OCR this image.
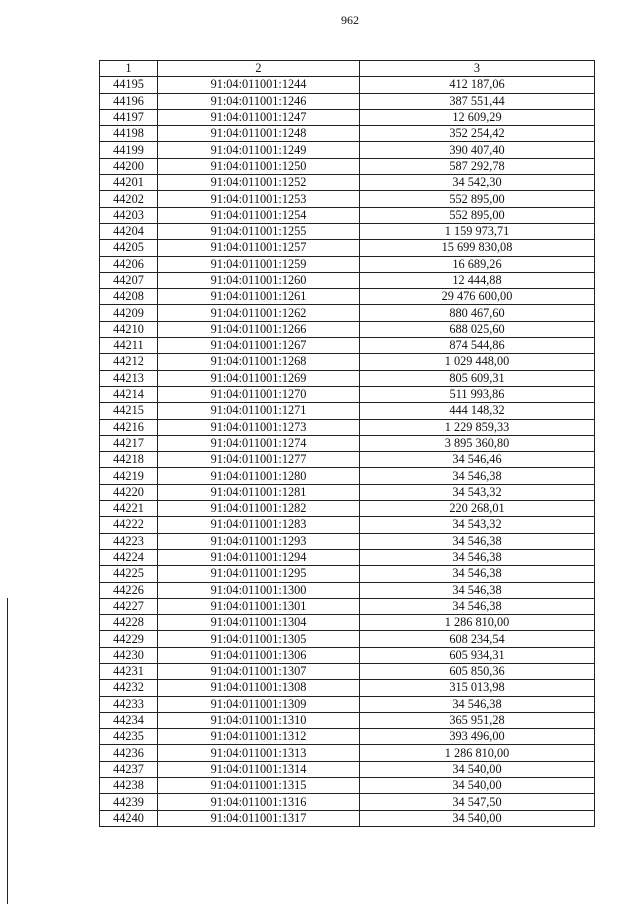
962
1	2	3
44195	91:04:011001:1244	412 187,06
44196	91:04:011001:1246	387 551,44
44197	91:04:011001:1247	12 609,29
44198	91:04:011001:1248	352 254,42
44199	91:04:011001:1249	390 407,40
44200	91:04:011001:1250	587 292,78
44201	91:04:011001:1252	34 542,30
44202	91:04:011001:1253	552 895,00
44203	91:04:011001:1254	552 895,00
44204	91:04:011001:1255	1 159 973,71
44205	91:04:011001:1257	15 699 830,08
44206	91:04:011001:1259	16 689,26
44207	91:04:011001:1260	12 444,88
44208	91:04:011001:1261	29 476 600,00
44209	91:04:011001:1262	880 467,60
44210	91:04:011001:1266	688 025,60
44211	91:04:011001:1267	874 544,86
44212	91:04:011001:1268	1 029 448,00
44213	91:04:011001:1269	805 609,31
44214	91:04:011001:1270	511 993,86
44215	91:04:011001:1271	444 148,32
44216	91:04:011001:1273	1 229 859,33
44217	91:04:011001:1274	3 895 360,80
44218	91:04:011001:1277	34 546,46
44219	91:04:011001:1280	34 546,38
44220	91:04:011001:1281	34 543,32
44221	91:04:011001:1282	220 268,01
44222	91:04:011001:1283	34 543,32
44223	91:04:011001:1293	34 546,38
44224	91:04:011001:1294	34 546,38
44225	91:04:011001:1295	34 546,38
44226	91:04:011001:1300	34 546,38
44227	91:04:011001:1301	34 546,38
44228	91:04:011001:1304	1 286 810,00
44229	91:04:011001:1305	608 234,54
44230	91:04:011001:1306	605 934,31
44231	91:04:011001:1307	605 850,36
44232	91:04:011001:1308	315 013,98
44233	91:04:011001:1309	34 546,38
44234	91:04:011001:1310	365 951,28
44235	91:04:011001:1312	393 496,00
44236	91:04:011001:1313	1 286 810,00
44237	91:04:011001:1314	34 540,00
44238	91:04:011001:1315	34 540,00
44239	91:04:011001:1316	34 547,50
44240	91:04:011001:1317	34 540,00
